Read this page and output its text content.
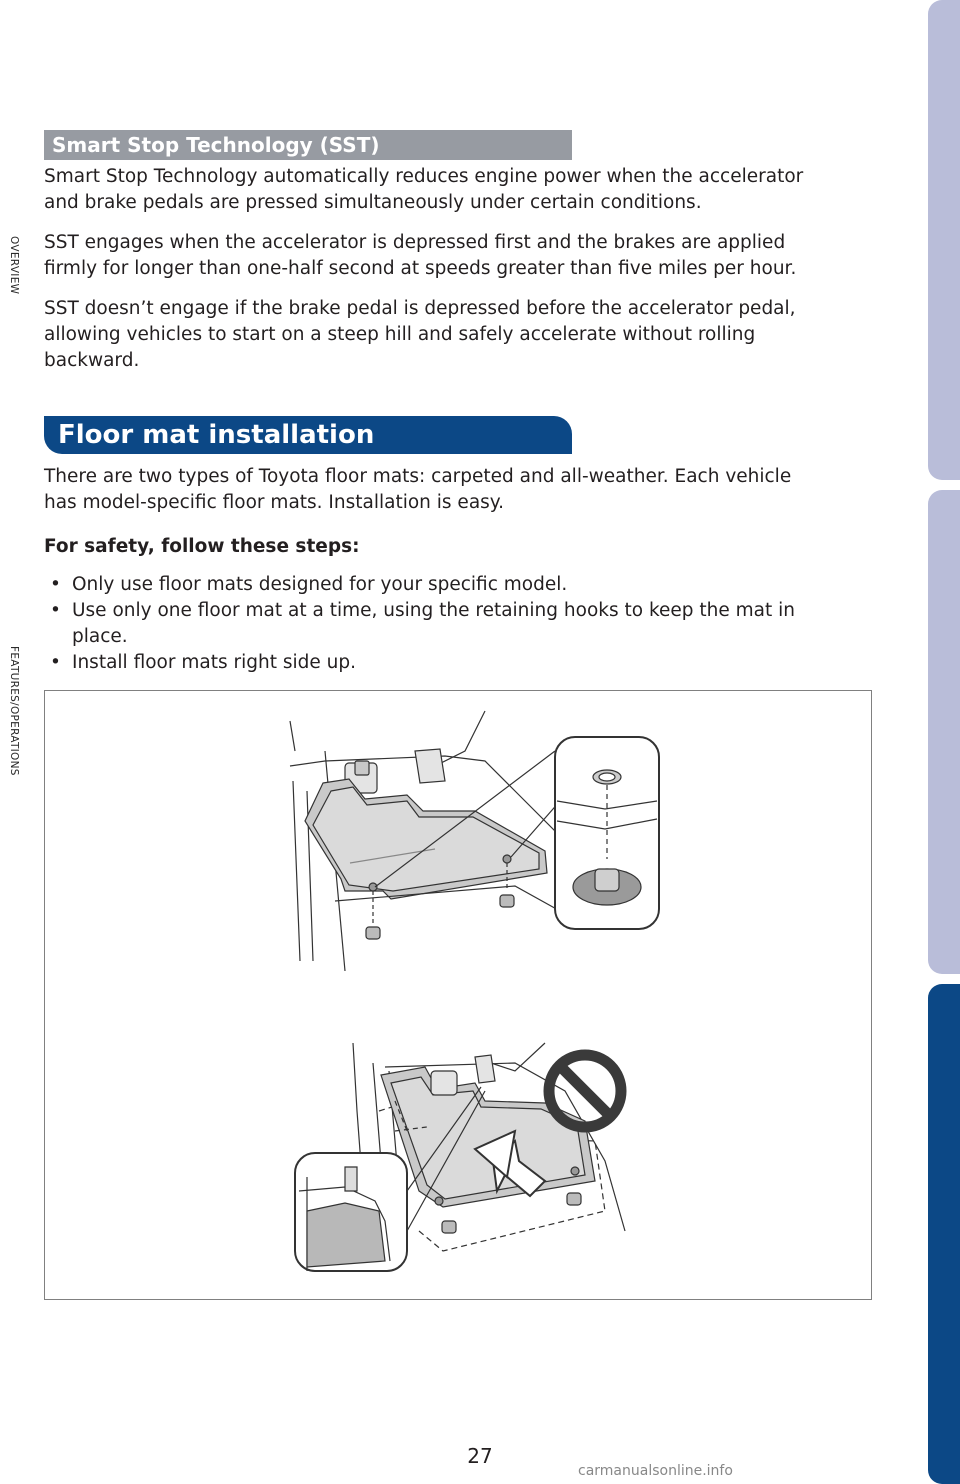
Smart Stop Technology (SST)

Smart Stop Technology automatically reduces engine power when the accelerator
and brake pedals are pressed simultaneously under certain conditions.

SST engages when the accelerator is depressed first and the brakes are applied
firmly for longer than one-half second at speeds greater than five miles per hour.

SST doesn’t engage if the brake pedal is depressed before the accelerator pedal,
allowing vehicles to start on a steep hill and safely accelerate without rolling
backward.

Floor mat installation

There are two types of Toyota floor mats: carpeted and all-weather. Each vehicle
has model-specific floor mats. Installation is easy.

For safety, follow these steps:

• Only use floor mats designed for your specific model.
• Use only one floor mat at a time, using the retaining hooks to keep the mat in
place.
• Install floor mats right side up.
OVERVIEW
FEATURES/OPERATIONS
SAFETY AND EMERGENCY FEATURES
27
carmanualsonline.info
